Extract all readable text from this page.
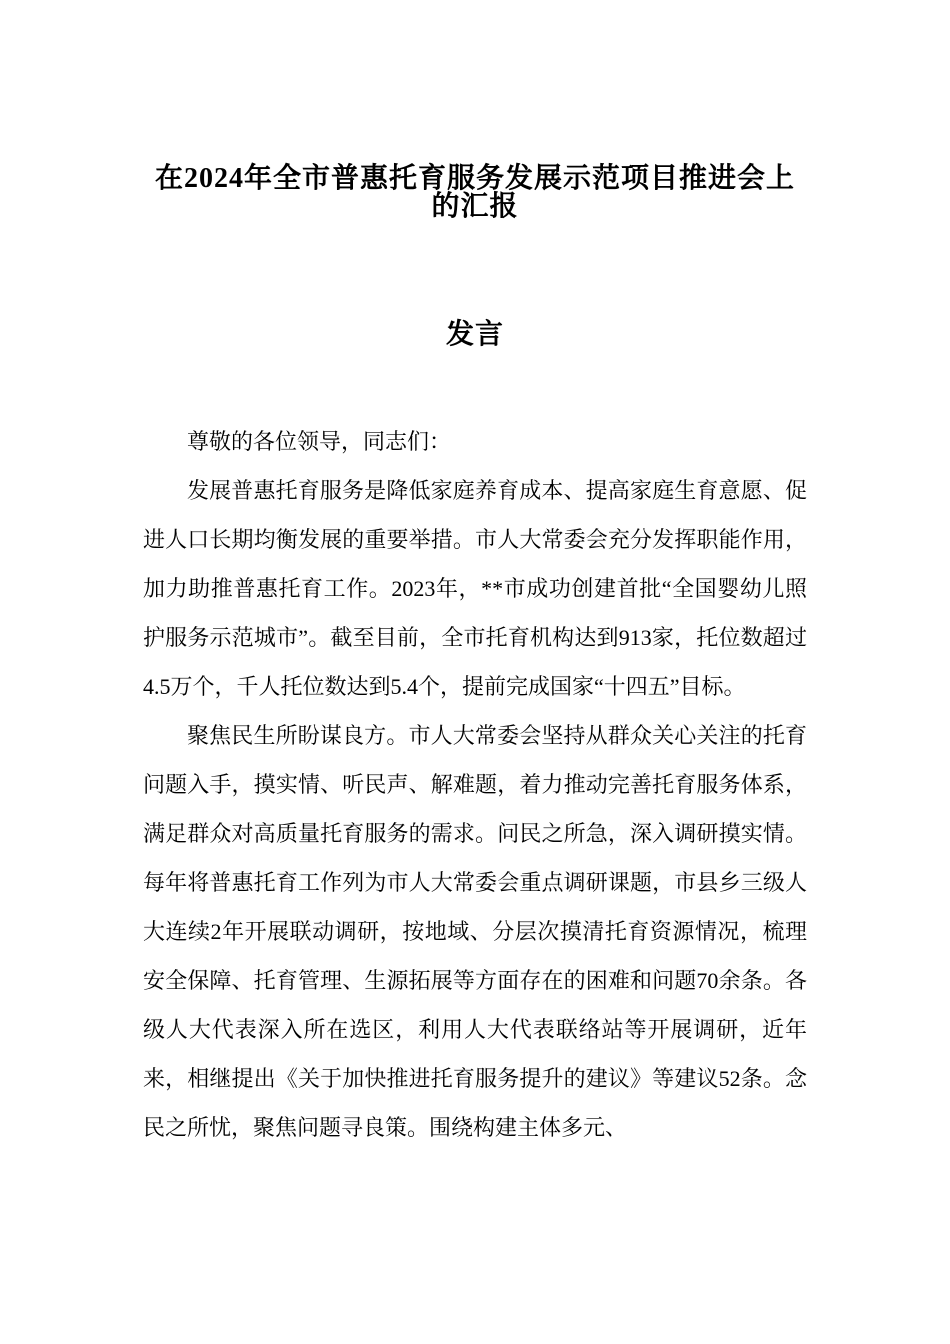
在2024年全市普惠托育服务发展示范项目推进会上的汇报
发言

尊敬的各位领导，同志们：

发展普惠托育服务是降低家庭养育成本、提高家庭生育意愿、促进人口长期均衡发展的重要举措。市人大常委会充分发挥职能作用，加力助推普惠托育工作。2023年，**市成功创建首批“全国婴幼儿照护服务示范城市”。截至目前，全市托育机构达到913家，托位数超过4.5万个，千人托位数达到5.4个，提前完成国家“十四五”目标。

聚焦民生所盼谋良方。市人大常委会坚持从群众关心关注的托育问题入手，摸实情、听民声、解难题，着力推动完善托育服务体系，满足群众对高质量托育服务的需求。问民之所急，深入调研摸实情。每年将普惠托育工作列为市人大常委会重点调研课题，市县乡三级人大连续2年开展联动调研，按地域、分层次摸清托育资源情况，梳理安全保障、托育管理、生源拓展等方面存在的困难和问题70余条。各级人大代表深入所在选区，利用人大代表联络站等开展调研，近年来，相继提出《关于加快推进托育服务提升的建议》等建议52条。念民之所忧，聚焦问题寻良策。围绕构建主体多元、
